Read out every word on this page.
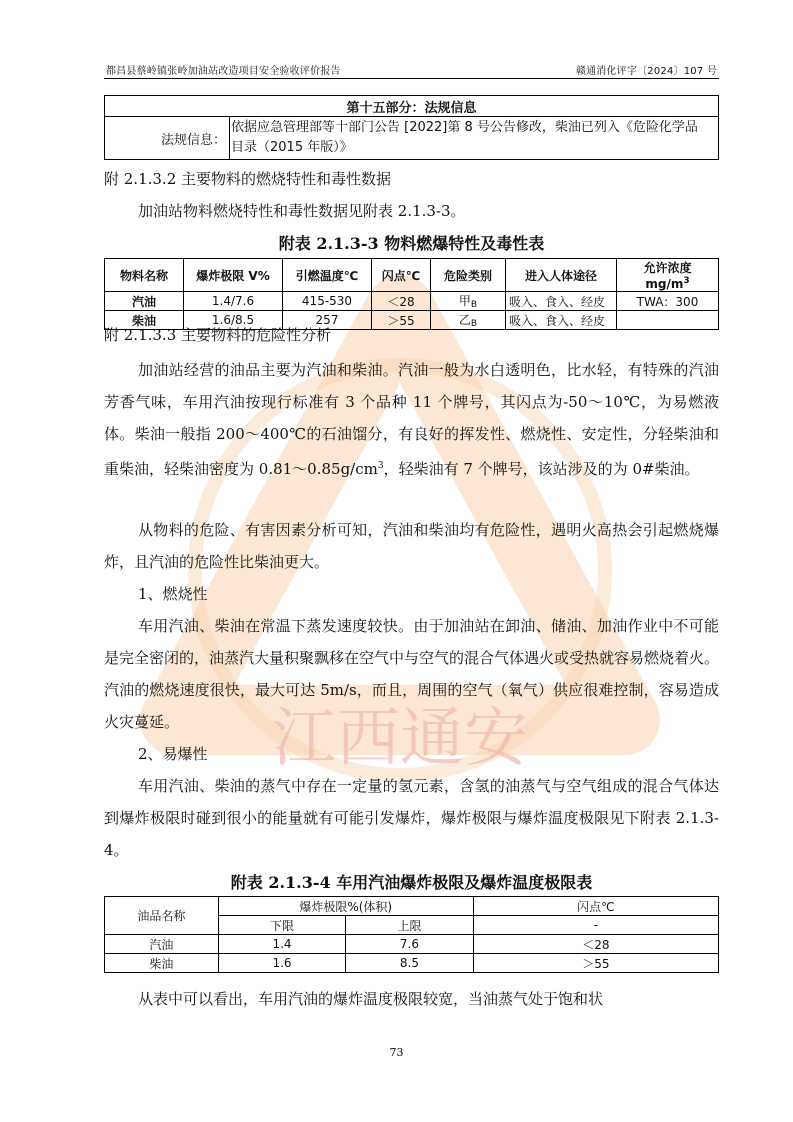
都昌县蔡岭镇张岭加油站改造项目安全验收评价报告	赣通消化评字〔2024〕107 号
江西通安
第十五部分：法规信息
法规信息：	依据应急管理部等十部门公告 [2022]第 8 号公告修改，柴油已列入《危险化学品
目录（2015 年版）》
附 2.1.3.2 主要物料的燃烧特性和毒性数据
加油站物料燃烧特性和毒性数据见附表 2.1.3-3。
附表 2.1.3-3 物料燃爆特性及毒性表
物料名称	爆炸极限 V%	引燃温度℃	闪点℃	危险类别	进入人体途径	允许浓度 $mg/m^3$
汽油	1.4/7.6	415-530	＜28	甲$_B$	吸入、食入、经皮	TWA：300
柴油	1.6/8.5	257	＞55	乙$_B$	吸入、食入、经皮	
附 2.1.3.3 主要物料的危险性分析
加油站经营的油品主要为汽油和柴油。汽油一般为水白透明色，比水轻，有特殊的汽油芳香气味，车用汽油按现行标准有 3 个品种 11 个牌号，其闪点为-50～10℃，为易燃液体。柴油一般指 200～400℃的石油馏分，有良好的挥发性、燃烧性、安定性，分轻柴油和重柴油，轻柴油密度为 $0.81\sim 0.85g/cm^3$，轻柴油有 7 个牌号，该站涉及的为 0#柴油。
从物料的危险、有害因素分析可知，汽油和柴油均有危险性，遇明火高热会引起燃烧爆炸，且汽油的危险性比柴油更大。
1、燃烧性
车用汽油、柴油在常温下蒸发速度较快。由于加油站在卸油、储油、加油作业中不可能是完全密闭的，油蒸汽大量积聚飘移在空气中与空气的混合气体遇火或受热就容易燃烧着火。汽油的燃烧速度很快，最大可达 5m/s，而且，周围的空气（氧气）供应很难控制，容易造成火灾蔓延。
2、易爆性
车用汽油、柴油的蒸气中存在一定量的氢元素，含氢的油蒸气与空气组成的混合气体达到爆炸极限时碰到很小的能量就有可能引发爆炸，爆炸极限与爆炸温度极限见下附表 2.1.3-4。
附表 2.1.3-4 车用汽油爆炸极限及爆炸温度极限表
油品名称	爆炸极限%(体积)		闪点℃
	下限	上限	-
汽油	1.4	7.6	＜28
柴油	1.6	8.5	＞55
从表中可以看出，车用汽油的爆炸温度极限较宽，当油蒸气处于饱和状
73
